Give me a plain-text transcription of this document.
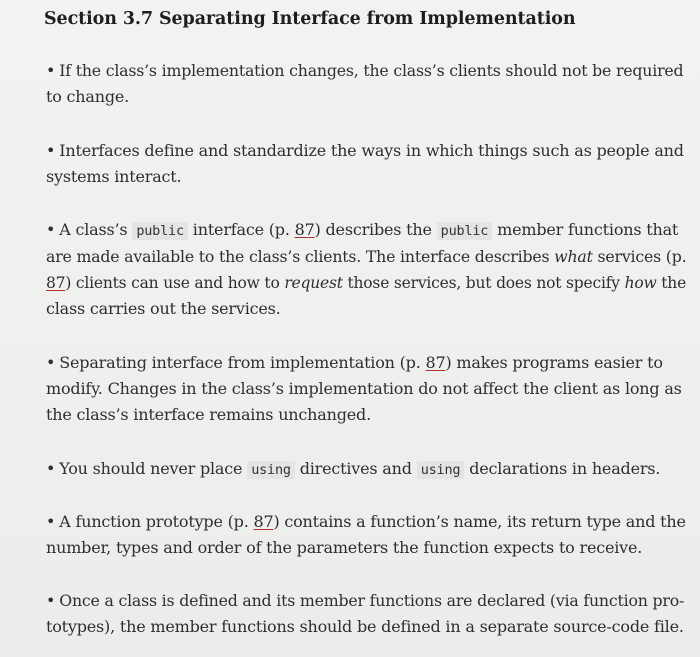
Section 3.7 Separating Interface from Implementation
• If the class’s implementation changes, the class’s clients should not be required
to change.
• Interfaces define and standardize the ways in which things such as people and
systems interact.
• A class’s public interface (p. 87) describes the public member functions that
are made available to the class’s clients. The interface describes what services (p.
87) clients can use and how to request those services, but does not specify how the
class carries out the services.
• Separating interface from implementation (p. 87) makes programs easier to
modify. Changes in the class’s implementation do not affect the client as long as
the class’s interface remains unchanged.
• You should never place using directives and using declarations in headers.
• A function prototype (p. 87) contains a function’s name, its return type and the
number, types and order of the parameters the function expects to receive.
• Once a class is defined and its member functions are declared (via function pro-
totypes), the member functions should be defined in a separate source-code file.
